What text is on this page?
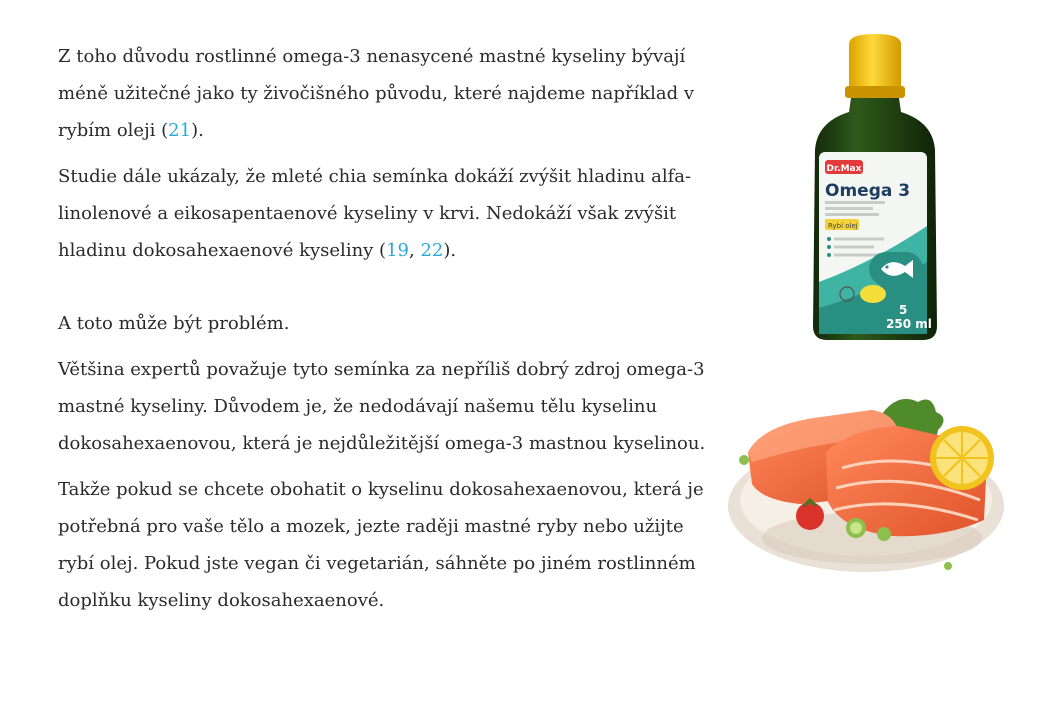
Z toho důvodu rostlinné omega-3 nenasycené mastné kyseliny bývají méně užitečné jako ty živočišného původu, které najdeme například v rybím oleji (21).

Studie dále ukázaly, že mleté chia semínka dokáží zvýšit hladinu alfa-linolenové a eikosapentaenové kyseliny v krvi. Nedokáží však zvýšit hladinu dokosahexaenové kyseliny (19, 22).

A toto může být problém.

Většina expertů považuje tyto semínka za nepříliš dobrý zdroj omega-3 mastné kyseliny. Důvodem je, že nedodávají našemu tělu kyselinu dokosahexaenovou, která je nejdůležitější omega-3 mastnou kyselinou.

Takže pokud se chcete obohatit o kyselinu dokosahexaenovou, která je potřebná pro vaše tělo a mozek, jezte raději mastné ryby nebo užijte rybí olej. Pokud jste vegan či vegetarián, sáhněte po jiném rostlinném doplňku kyseliny dokosahexaenové.

Dr.Max
Omega 3
Rybí olej
5
250 ml
